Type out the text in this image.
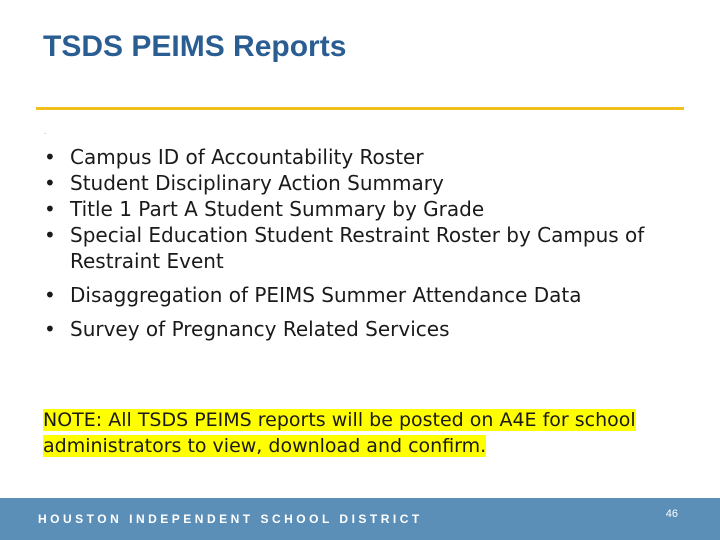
TSDS PEIMS Reports
.
• Campus ID of Accountability Roster
• Student Disciplinary Action Summary
• Title 1 Part A Student Summary by Grade
• Special Education Student Restraint Roster by Campus of Restraint Event
• Disaggregation of PEIMS Summer Attendance Data
• Survey of Pregnancy Related Services
NOTE: All TSDS PEIMS reports will be posted on A4E for school administrators to view, download and confirm.
HOUSTON INDEPENDENT SCHOOL DISTRICT	46
